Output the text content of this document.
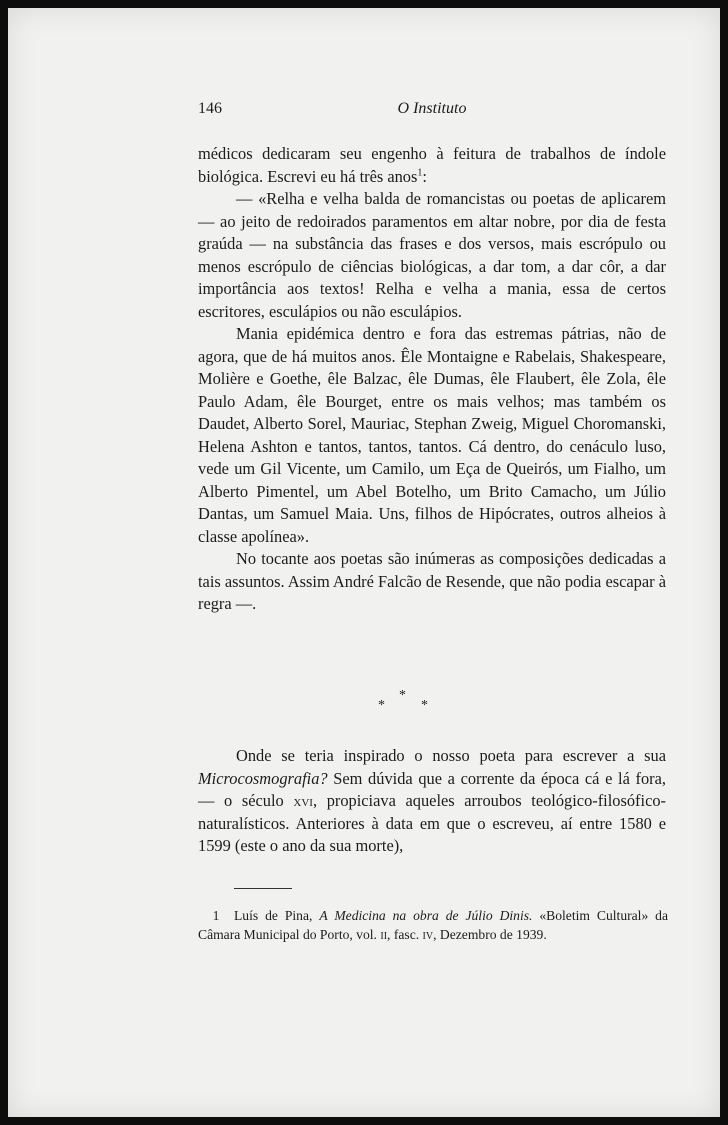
146	O Instituto

médicos dedicaram seu engenho à feitura de trabalhos de índole biológica. Escrevi eu há três anos$^1$:

— «Relha e velha balda de romancistas ou poetas de aplicarem — ao jeito de redoirados paramentos em altar nobre, por dia de festa graúda — na substância das frases e dos versos, mais escrópulo ou menos escrópulo de ciências biológicas, a dar tom, a dar côr, a dar importância aos textos! Relha e velha a mania, essa de certos escritores, esculápios ou não esculápios.

Mania epidémica dentro e fora das estremas pátrias, não de agora, que de há muitos anos. Êle Montaigne e Rabelais, Shakespeare, Molière e Goethe, êle Balzac, êle Dumas, êle Flaubert, êle Zola, êle Paulo Adam, êle Bourget, entre os mais velhos; mas também os Daudet, Alberto Sorel, Mauriac, Stephan Zweig, Miguel Choromanski, Helena Ashton e tantos, tantos, tantos. Cá dentro, do cenáculo luso, vede um Gil Vicente, um Camilo, um Eça de Queirós, um Fialho, um Alberto Pimentel, um Abel Botelho, um Brito Camacho, um Júlio Dantas, um Samuel Maia. Uns, filhos de Hipócrates, outros alheios à classe apolínea».

No tocante aos poetas são inúmeras as composições dedicadas a tais assuntos. Assim André Falcão de Resende, que não podia escapar à regra —.

*
*	*

Onde se teria inspirado o nosso poeta para escrever a sua Microcosmografia? Sem dúvida que a corrente da época cá e lá fora, — o século xvi, propiciava aqueles arroubos teológico-filosófico-naturalísticos. Anteriores à data em que o escreveu, aí entre 1580 e 1599 (este o ano da sua morte),

1 Luís de Pina, A Medicina na obra de Júlio Dinis. «Boletim Cultural» da Câmara Municipal do Porto, vol. ii, fasc. iv, Dezembro de 1939.
